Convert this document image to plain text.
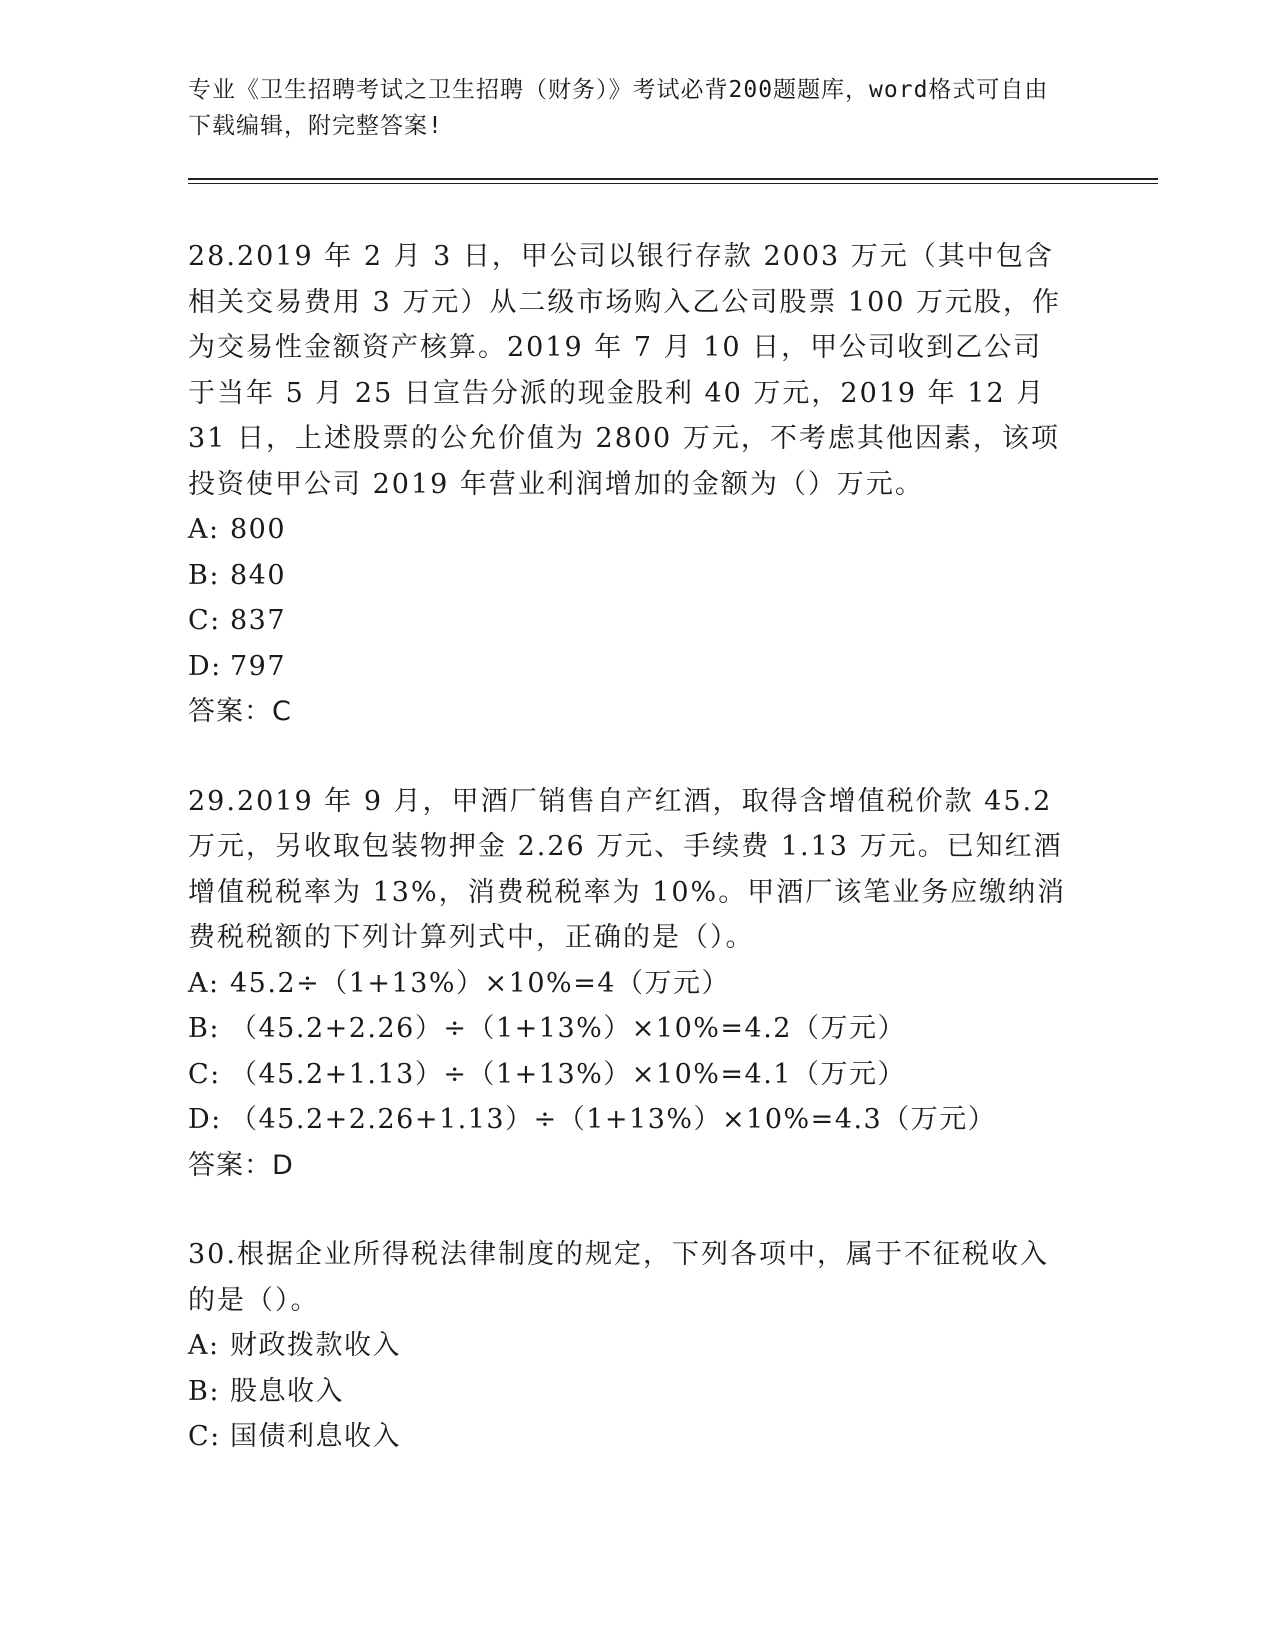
专业《卫生招聘考试之卫生招聘（财务）》考试必背200题题库，word格式可自由下载编辑，附完整答案!

28.2019 年 2 月 3 日，甲公司以银行存款 2003 万元（其中包含相关交易费用 3 万元）从二级市场购入乙公司股票 100 万元股，作为交易性金额资产核算。2019 年 7 月 10 日，甲公司收到乙公司于当年 5 月 25 日宣告分派的现金股利 40 万元，2019 年 12 月 31 日，上述股票的公允价值为 2800 万元，不考虑其他因素，该项投资使甲公司 2019 年营业利润增加的金额为（）万元。

A: 800
B: 840
C: 837
D: 797

答案：C

29.2019 年 9 月，甲酒厂销售自产红酒，取得含增值税价款 45.2 万元，另收取包装物押金 2.26 万元、手续费 1.13 万元。已知红酒增值税税率为 13%，消费税税率为 10%。甲酒厂该笔业务应缴纳消费税税额的下列计算列式中，正确的是（）。

A: 45.2÷（1+13%）×10%=4（万元）
B: （45.2+2.26）÷（1+13%）×10%=4.2（万元）
C: （45.2+1.13）÷（1+13%）×10%=4.1（万元）
D: （45.2+2.26+1.13）÷（1+13%）×10%=4.3（万元）

答案：D

30.根据企业所得税法律制度的规定，下列各项中，属于不征税收入的是（）。

A: 财政拨款收入
B: 股息收入
C: 国债利息收入
